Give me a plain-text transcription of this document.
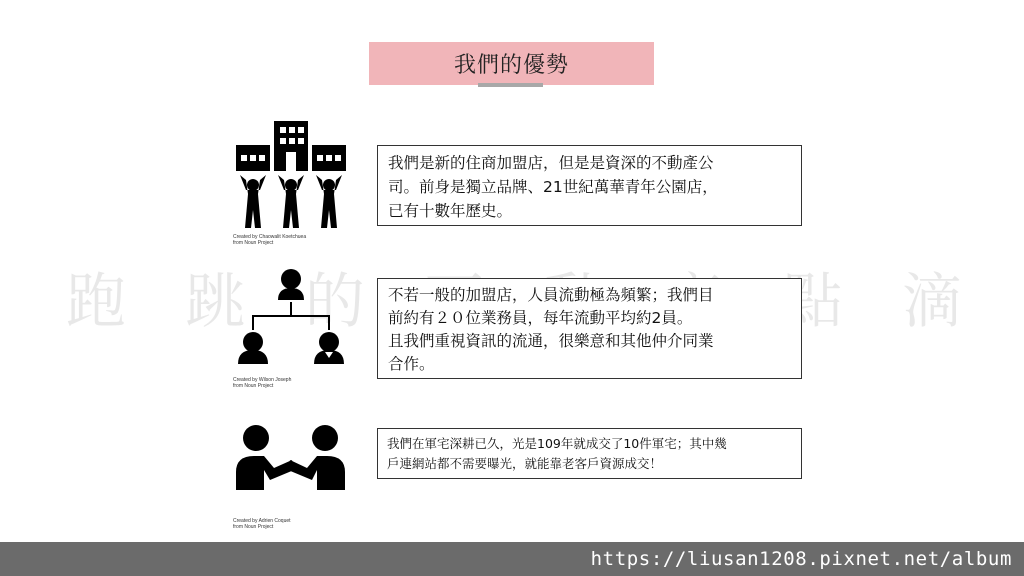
我們的優勢
跑 跳 的	點 滴
Created by Chaowalit Koetchuea
from Noun Project

我們是新的住商加盟店，但是是資深的不動產公

司。前身是獨立品牌、21世紀萬華青年公園店，

已有十數年歷史。

Created by Wilson Joseph
from Noun Project

不若一般的加盟店，人員流動極為頻繁；我們目

前約有２０位業務員，每年流動平均約2員。

且我們重視資訊的流通，很樂意和其他仲介同業

合作。

Created by Adrien Coquet
from Noun Project

我們在軍宅深耕已久，光是109年就成交了10件軍宅；其中幾

戶連網站都不需要曝光，就能靠老客戶資源成交！

https://liusan1208.pixnet.net/album
